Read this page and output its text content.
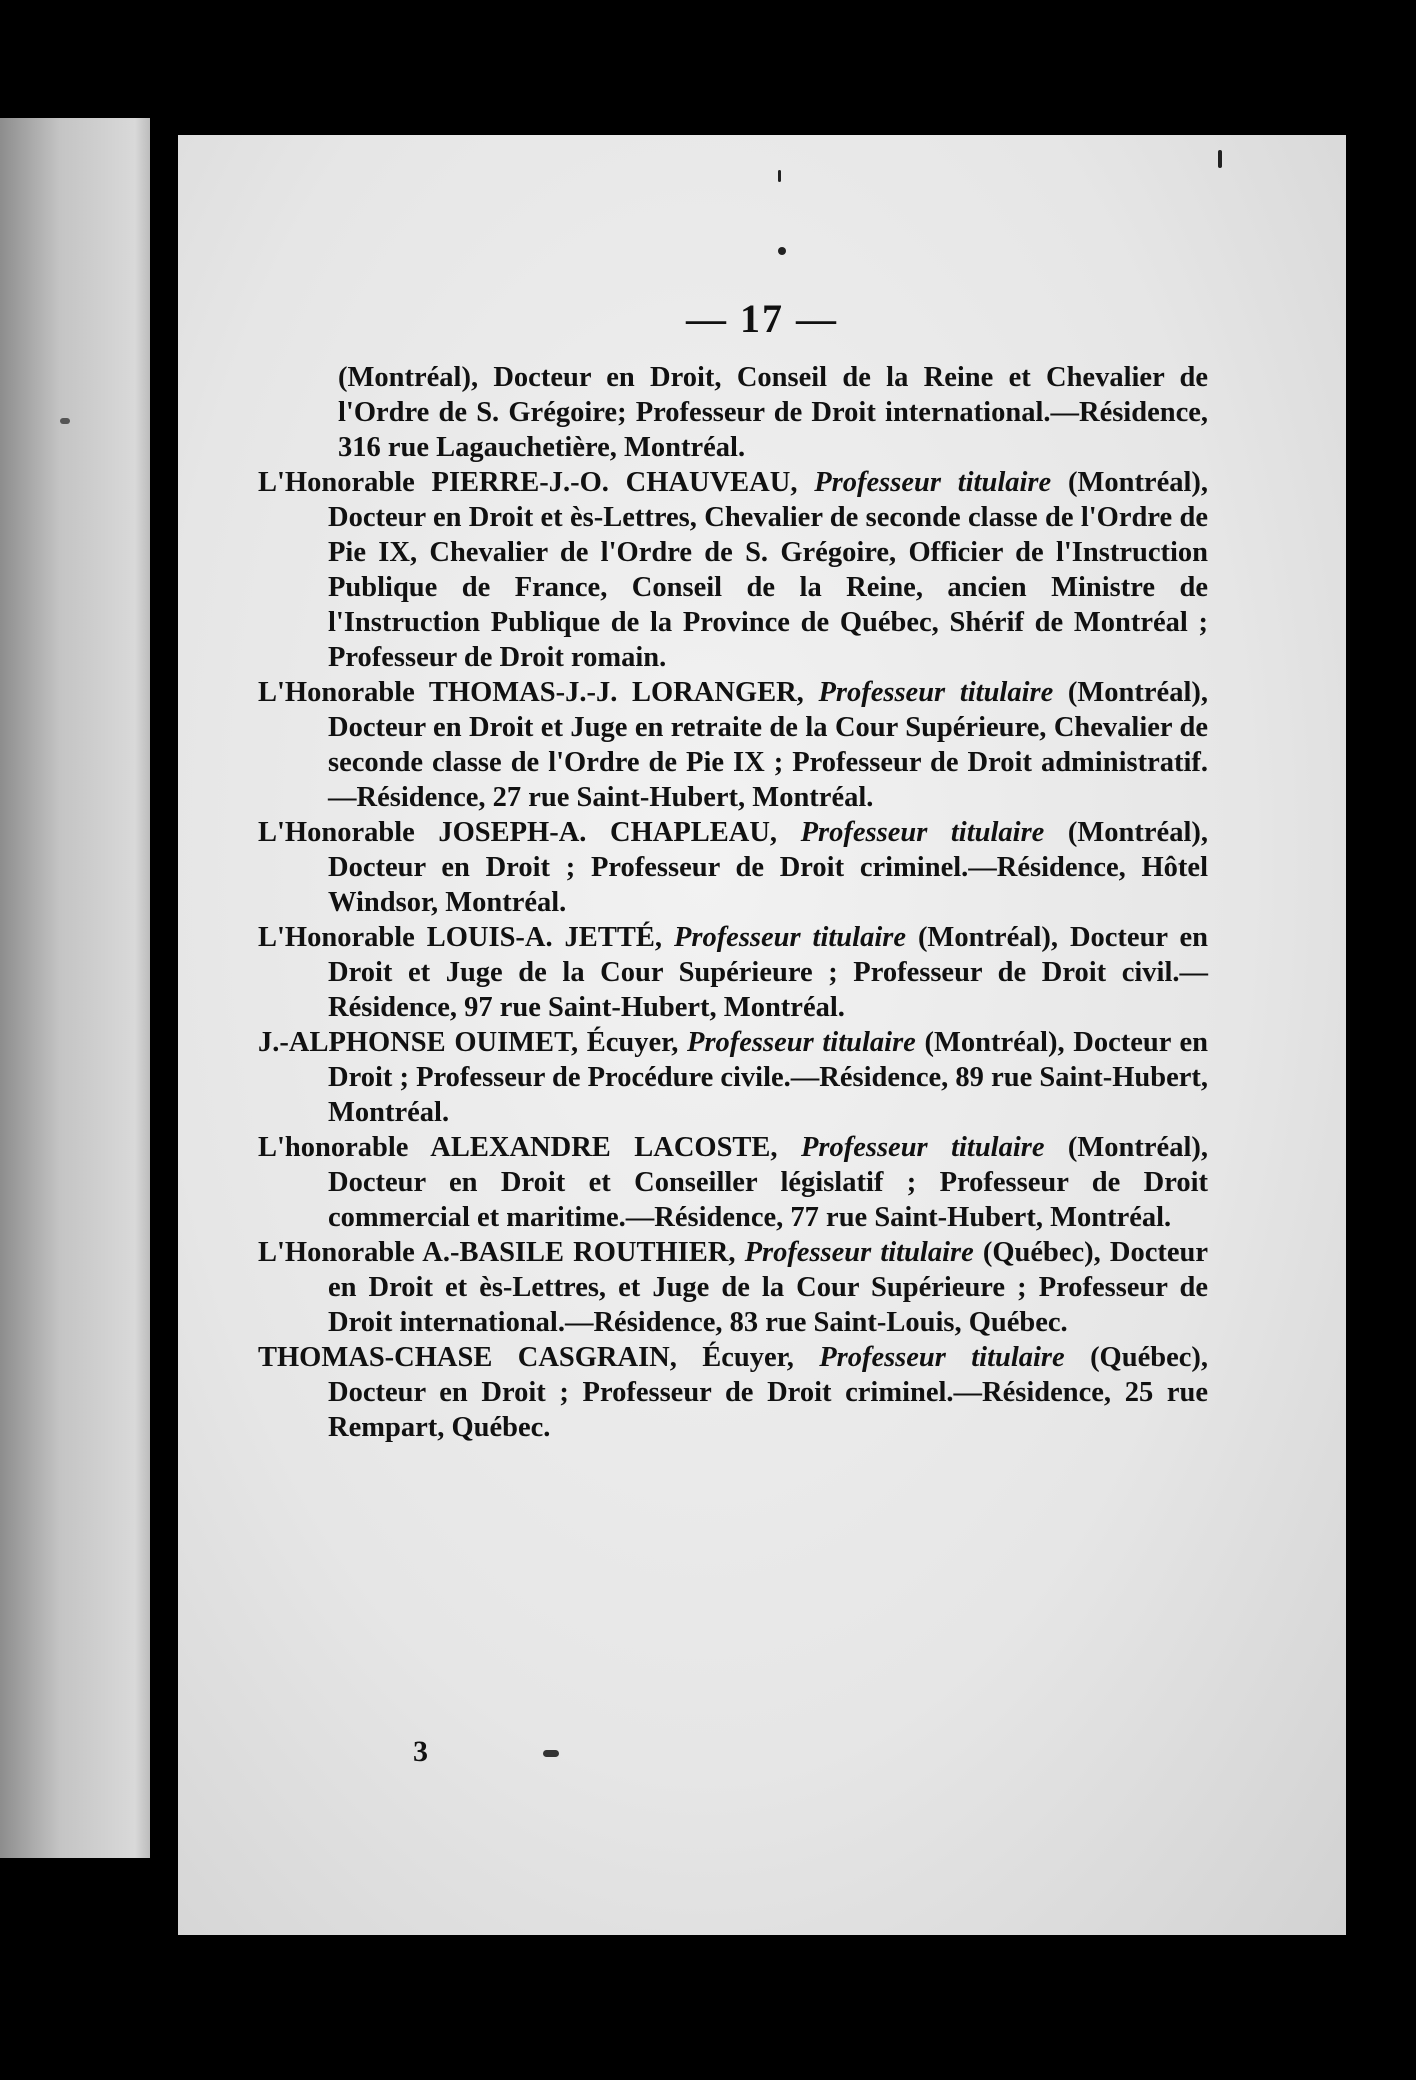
— 17 —

(Montréal), Docteur en Droit, Conseil de la Reine et Chevalier de l'Ordre de S. Grégoire; Professeur de Droit international.—Résidence, 316 rue Lagauchetière, Montréal.

L'Honorable PIERRE-J.-O. CHAUVEAU, Professeur titulaire (Montréal), Docteur en Droit et ès-Lettres, Chevalier de seconde classe de l'Ordre de Pie IX, Chevalier de l'Ordre de S. Grégoire, Officier de l'Instruction Publique de France, Conseil de la Reine, ancien Ministre de l'Instruction Publique de la Province de Québec, Shérif de Montréal ; Professeur de Droit romain.

L'Honorable THOMAS-J.-J. LORANGER, Professeur titulaire (Montréal), Docteur en Droit et Juge en retraite de la Cour Supérieure, Chevalier de seconde classe de l'Ordre de Pie IX ; Professeur de Droit administratif.—Résidence, 27 rue Saint-Hubert, Montréal.

L'Honorable JOSEPH-A. CHAPLEAU, Professeur titulaire (Montréal), Docteur en Droit ; Professeur de Droit criminel.—Résidence, Hôtel Windsor, Montréal.

L'Honorable LOUIS-A. JETTÉ, Professeur titulaire (Montréal), Docteur en Droit et Juge de la Cour Supérieure ; Professeur de Droit civil.—Résidence, 97 rue Saint-Hubert, Montréal.

J.-ALPHONSE OUIMET, Écuyer, Professeur titulaire (Montréal), Docteur en Droit ; Professeur de Procédure civile.—Résidence, 89 rue Saint-Hubert, Montréal.

L'honorable ALEXANDRE LACOSTE, Professeur titulaire (Montréal), Docteur en Droit et Conseiller législatif ; Professeur de Droit commercial et maritime.—Résidence, 77 rue Saint-Hubert, Montréal.

L'Honorable A.-BASILE ROUTHIER, Professeur titulaire (Québec), Docteur en Droit et ès-Lettres, et Juge de la Cour Supérieure ; Professeur de Droit international.—Résidence, 83 rue Saint-Louis, Québec.

THOMAS-CHASE CASGRAIN, Écuyer, Professeur titulaire (Québec), Docteur en Droit ; Professeur de Droit criminel.—Résidence, 25 rue Rempart, Québec.

3
